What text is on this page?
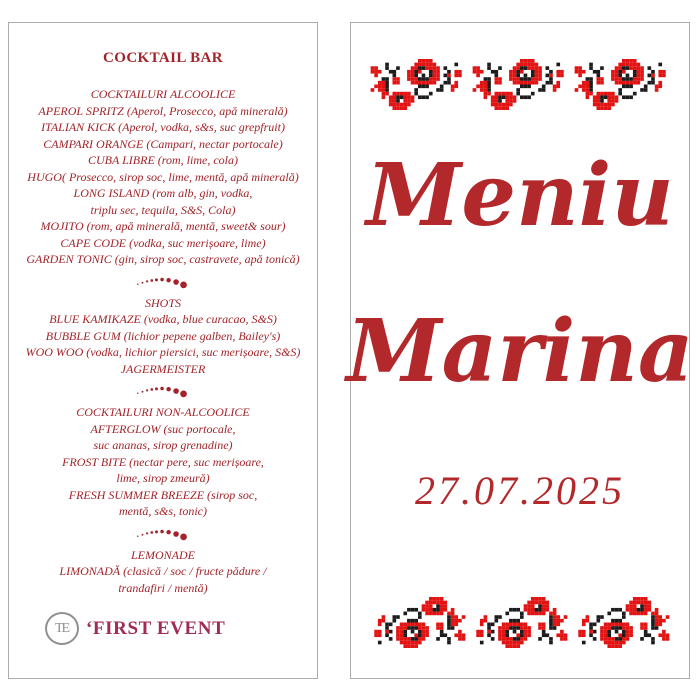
COCKTAIL BAR
COCKTAILURI ALCOOLICE
APEROL SPRITZ (Aperol, Prosecco, apă minerală)
ITALIAN KICK (Aperol, vodka, s&s, suc grepfruit)
CAMPARI ORANGE (Campari, nectar portocale)
CUBA LIBRE (rom, lime, cola)
HUGO( Prosecco, sirop soc, lime, mentă, apă minerală)
LONG ISLAND (rom alb, gin, vodka,
triplu sec, tequila, S&S, Cola)
MOJITO (rom, apă minerală, mentă, sweet& sour)
CAPE CODE (vodka, suc merișoare, lime)
GARDEN TONIC (gin, sirop soc, castravete, apă tonică)
SHOTS
BLUE KAMIKAZE (vodka, blue curacao, S&S)
BUBBLE GUM (lichior pepene galben, Bailey's)
WOO WOO (vodka, lichior piersici, suc merișoare, S&S)
JAGERMEISTER
COCKTAILURI NON-ALCOOLICE
AFTERGLOW (suc portocale,
suc ananas, sirop grenadine)
FROST BITE (nectar pere, suc merișoare,
lime, sirop zmeură)
FRESH SUMMER BREEZE (sirop soc,
mentă, s&s, tonic)
LEMONADE
LIMONADĂ (clasică / soc / fructe pădure /
trandafiri / mentă)
TE ʻFIRST EVENT
Meniu
Marina
27.07.2025
